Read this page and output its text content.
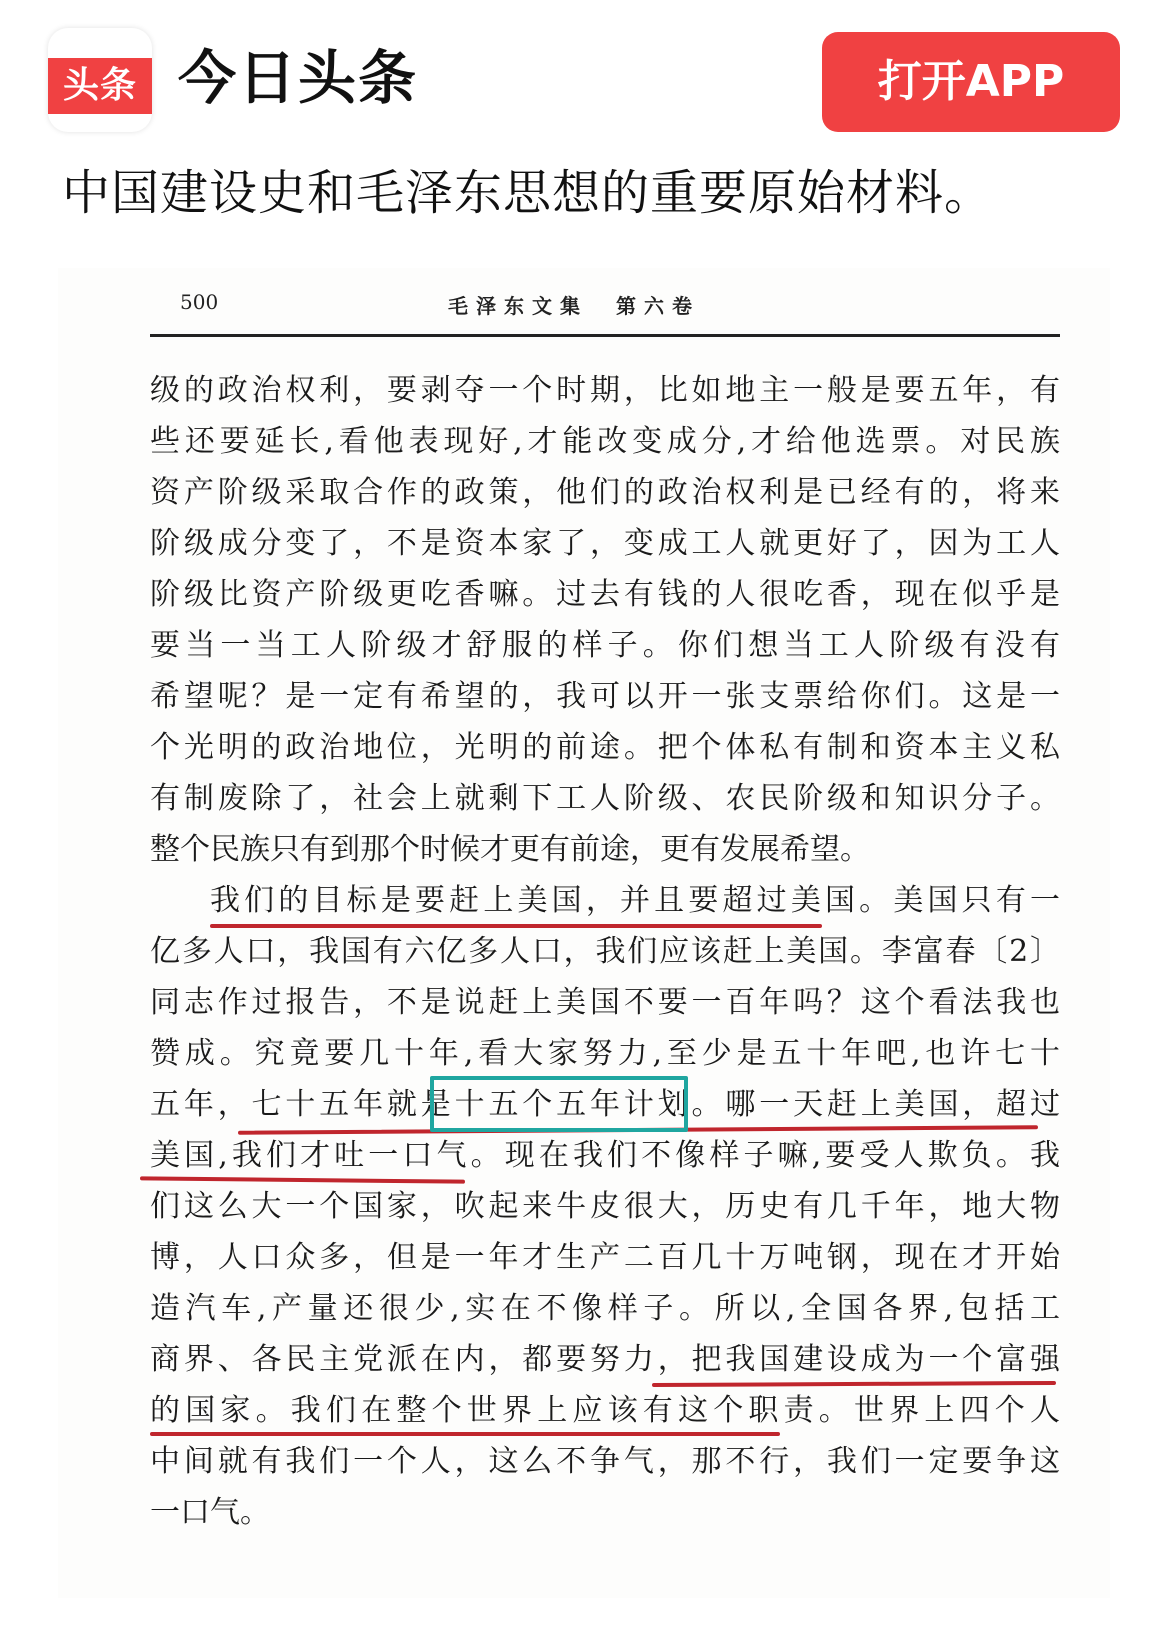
头条 今日头条	打开APP
中国建设史和毛泽东思想的重要原始材料。
500	毛泽东文集　第六卷
级的政治权利，要剥夺一个时期，比如地主一般是要五年，有
些还要延长,看他表现好,才能改变成分,才给他选票。对民族
资产阶级采取合作的政策，他们的政治权利是已经有的，将来
阶级成分变了，不是资本家了，变成工人就更好了，因为工人
阶级比资产阶级更吃香嘛。过去有钱的人很吃香，现在似乎是
要当一当工人阶级才舒服的样子。你们想当工人阶级有没有
希望呢？是一定有希望的，我可以开一张支票给你们。这是一
个光明的政治地位，光明的前途。把个体私有制和资本主义私
有制废除了，社会上就剩下工人阶级、农民阶级和知识分子。
整个民族只有到那个时候才更有前途，更有发展希望。
我们的目标是要赶上美国，并且要超过美国。美国只有一
亿多人口，我国有六亿多人口，我们应该赶上美国。李富春〔2〕
同志作过报告，不是说赶上美国不要一百年吗？这个看法我也
赞成。究竟要几十年,看大家努力,至少是五十年吧,也许七十
五年，七十五年就是十五个五年计划。哪一天赶上美国，超过
美国,我们才吐一口气。现在我们不像样子嘛,要受人欺负。我
们这么大一个国家，吹起来牛皮很大，历史有几千年，地大物
博，人口众多，但是一年才生产二百几十万吨钢，现在才开始
造汽车,产量还很少,实在不像样子。所以,全国各界,包括工
商界、各民主党派在内，都要努力，把我国建设成为一个富强
的国家。我们在整个世界上应该有这个职责。世界上四个人
中间就有我们一个人，这么不争气，那不行，我们一定要争这
一口气。
